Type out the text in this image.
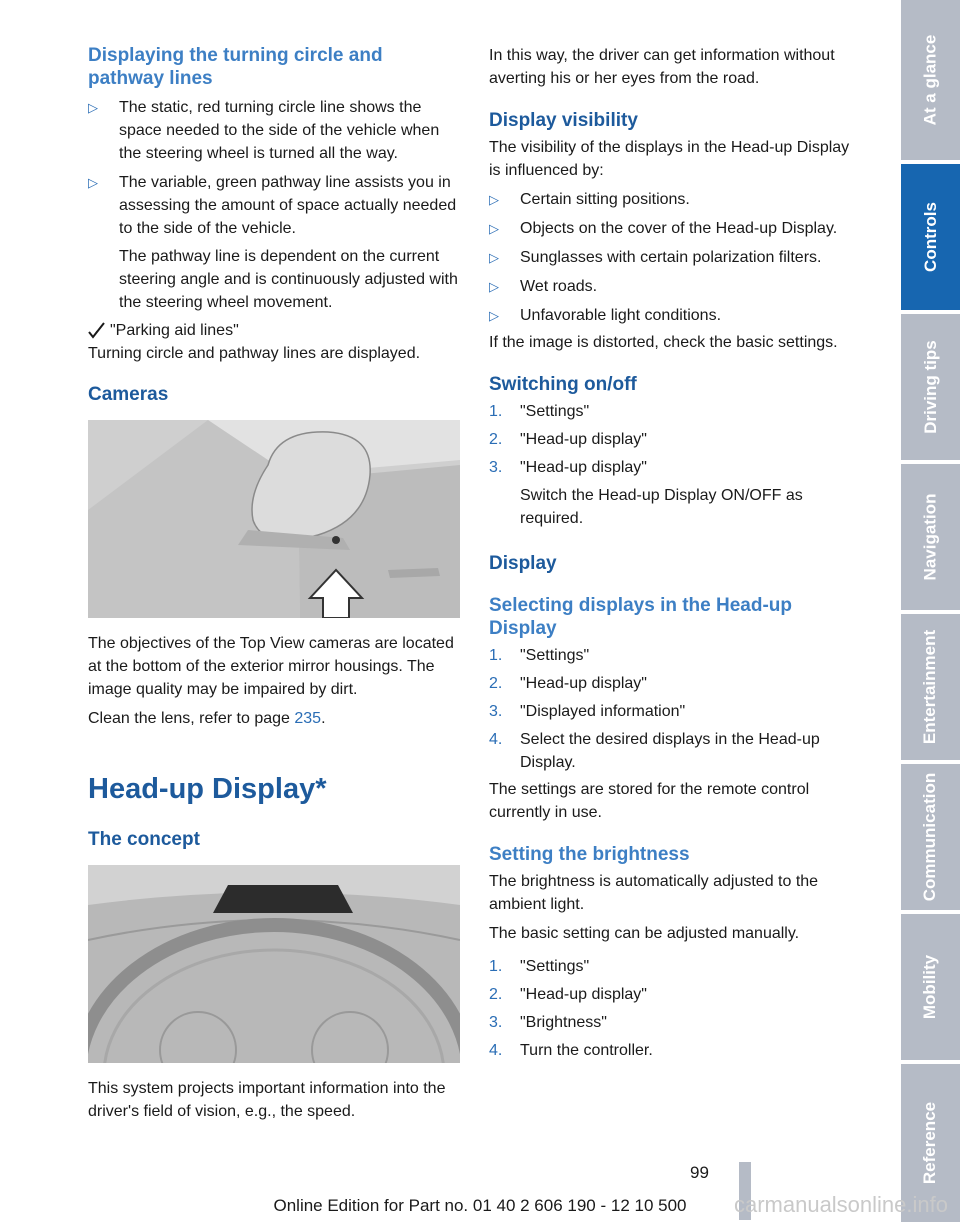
Displaying the turning circle and pathway lines
▷ The static, red turning circle line shows the space needed to the side of the vehicle when the steering wheel is turned all the way.
▷ The variable, green pathway line assists you in assessing the amount of space actually needed to the side of the vehicle.

The pathway line is dependent on the current steering angle and is continuously adjusted with the steering wheel movement.

"Parking aid lines"

Turning circle and pathway lines are displayed.

Cameras

The objectives of the Top View cameras are located at the bottom of the exterior mirror housings. The image quality may be impaired by dirt.

Clean the lens, refer to page 235.

Head-up Display*
The concept

This system projects important information into the driver's field of vision, e.g., the speed.

In this way, the driver can get information without averting his or her eyes from the road.

Display visibility

The visibility of the displays in the Head-up Display is influenced by:

▷ Certain sitting positions.
▷ Objects on the cover of the Head-up Display.
▷ Sunglasses with certain polarization filters.
▷ Wet roads.
▷ Unfavorable light conditions.

If the image is distorted, check the basic settings.

Switching on/off
1. "Settings"
2. "Head-up display"
3. "Head-up display"

Switch the Head-up Display ON/OFF as required.

Display
Selecting displays in the Head-up Display
1. "Settings"
2. "Head-up display"
3. "Displayed information"
4. Select the desired displays in the Head-up Display.

The settings are stored for the remote control currently in use.

Setting the brightness

The brightness is automatically adjusted to the ambient light.

The basic setting can be adjusted manually.

1. "Settings"
2. "Head-up display"
3. "Brightness"
4. Turn the controller.
At a glance
Controls
Driving tips
Navigation
Entertainment
Communication
Mobility
Reference
99
Online Edition for Part no. 01 40 2 606 190 - 12 10 500	carmanualsonline.info
